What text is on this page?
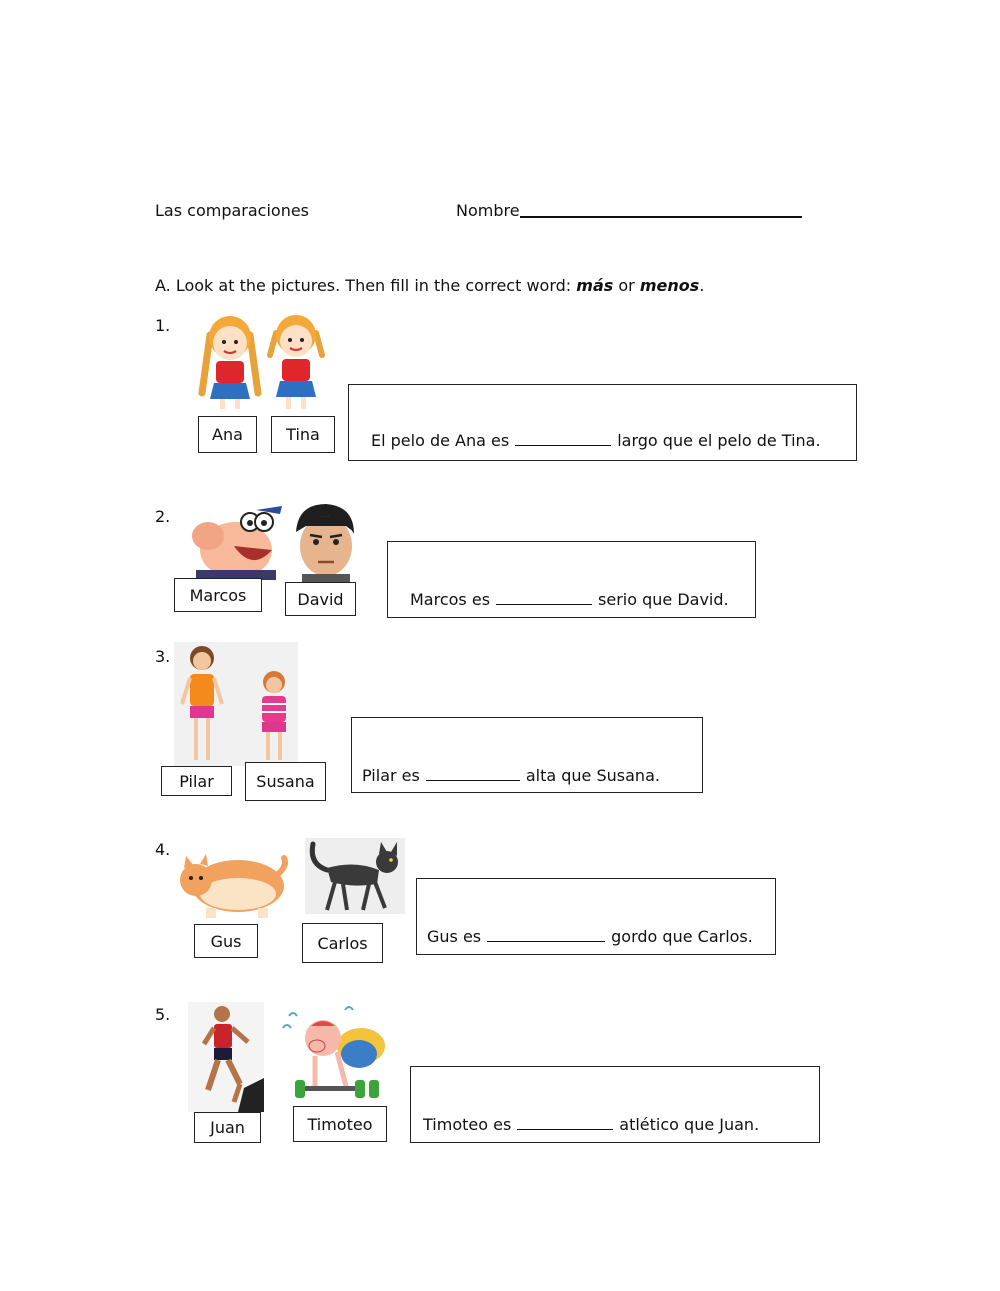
Las comparaciones	Nombre
A. Look at the pictures. Then fill in the correct word: más or menos.
1.
Ana	Tina	El pelo de Ana es	largo que el pelo de Tina.
2.
Marcos	David	Marcos es	serio que David.
3.
Pilar	Susana	Pilar es	alta que Susana.
4.
Gus	Carlos	Gus es	gordo que Carlos.
5.
Juan	Timoteo	Timoteo es	atlético que Juan.
